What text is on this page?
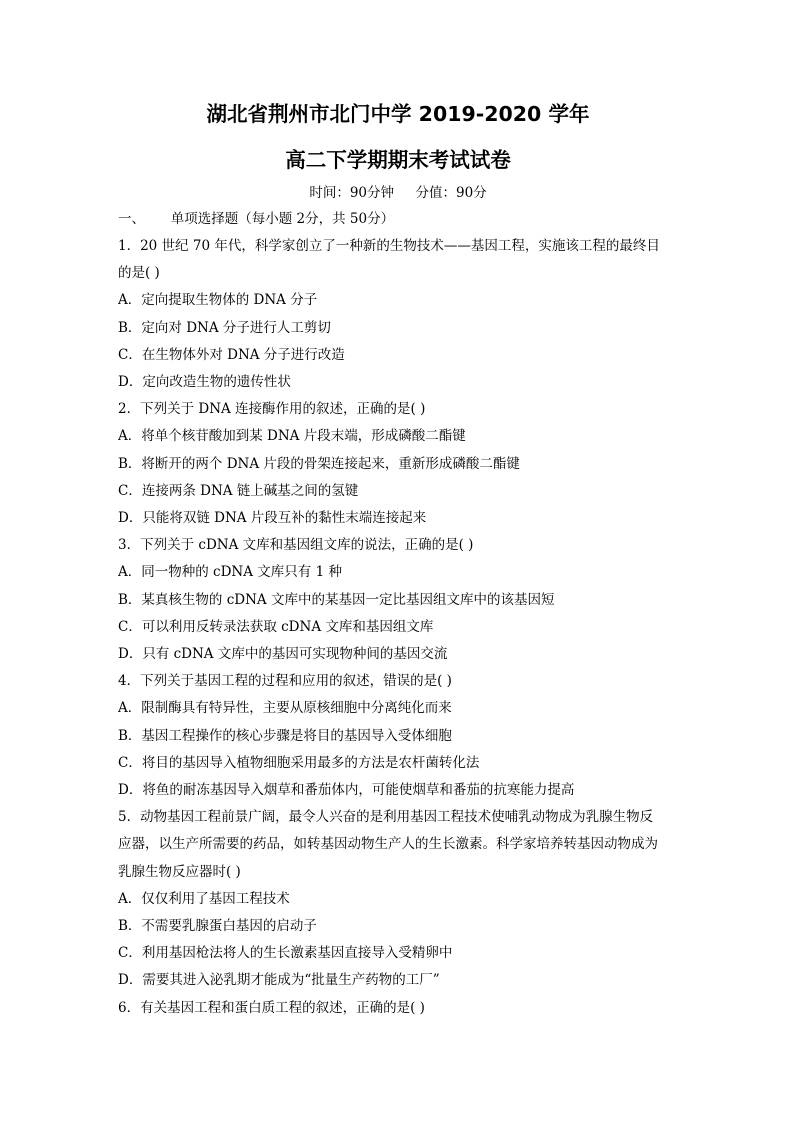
湖北省荆州市北门中学 2019-2020 学年
高二下学期期末考试试卷
时间：90分钟     分值：90分
一、      单项选择题（每小题 2分，共 50分）
1．20 世纪 70 年代，科学家创立了一种新的生物技术——基因工程，实施该工程的最终目
的是( )
A．定向提取生物体的 DNA 分子
B．定向对 DNA 分子进行人工剪切
C．在生物体外对 DNA 分子进行改造
D．定向改造生物的遗传性状
2．下列关于 DNA 连接酶作用的叙述，正确的是( )
A．将单个核苷酸加到某 DNA 片段末端，形成磷酸二酯键
B．将断开的两个 DNA 片段的骨架连接起来，重新形成磷酸二酯键
C．连接两条 DNA 链上碱基之间的氢键
D．只能将双链 DNA 片段互补的黏性末端连接起来
3．下列关于 cDNA 文库和基因组文库的说法，正确的是( )
A．同一物种的 cDNA 文库只有 1 种
B．某真核生物的 cDNA 文库中的某基因一定比基因组文库中的该基因短
C．可以利用反转录法获取 cDNA 文库和基因组文库
D．只有 cDNA 文库中的基因可实现物种间的基因交流
4．下列关于基因工程的过程和应用的叙述，错误的是( )
A．限制酶具有特异性，主要从原核细胞中分离纯化而来
B．基因工程操作的核心步骤是将目的基因导入受体细胞
C．将目的基因导入植物细胞采用最多的方法是农杆菌转化法
D．将鱼的耐冻基因导入烟草和番茄体内，可能使烟草和番茄的抗寒能力提高
5．动物基因工程前景广阔，最令人兴奋的是利用基因工程技术使哺乳动物成为乳腺生物反
应器，以生产所需要的药品，如转基因动物生产人的生长激素。科学家培养转基因动物成为
乳腺生物反应器时( )
A．仅仅利用了基因工程技术
B．不需要乳腺蛋白基因的启动子
C．利用基因枪法将人的生长激素基因直接导入受精卵中
D．需要其进入泌乳期才能成为“批量生产药物的工厂”
6．有关基因工程和蛋白质工程的叙述，正确的是( )
